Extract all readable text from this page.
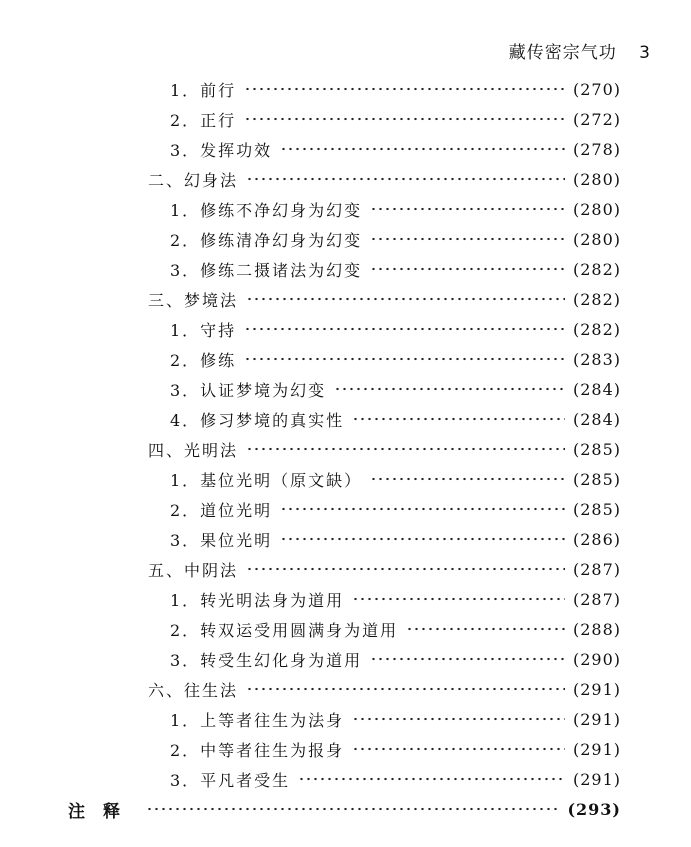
藏传密宗气功 3
1．前行	(270)
2．正行	(272)
3．发挥功效	(278)
二、幻身法	(280)
1．修练不净幻身为幻变	(280)
2．修练清净幻身为幻变	(280)
3．修练二摄诸法为幻变	(282)
三、梦境法	(282)
1．守持	(282)
2．修练	(283)
3．认证梦境为幻变	(284)
4．修习梦境的真实性	(284)
四、光明法	(285)
1．基位光明（原文缺）	(285)
2．道位光明	(285)
3．果位光明	(286)
五、中阴法	(287)
1．转光明法身为道用	(287)
2．转双运受用圆满身为道用	(288)
3．转受生幻化身为道用	(290)
六、往生法	(291)
1．上等者往生为法身	(291)
2．中等者往生为报身	(291)
3．平凡者受生	(291)
注释	(293)
